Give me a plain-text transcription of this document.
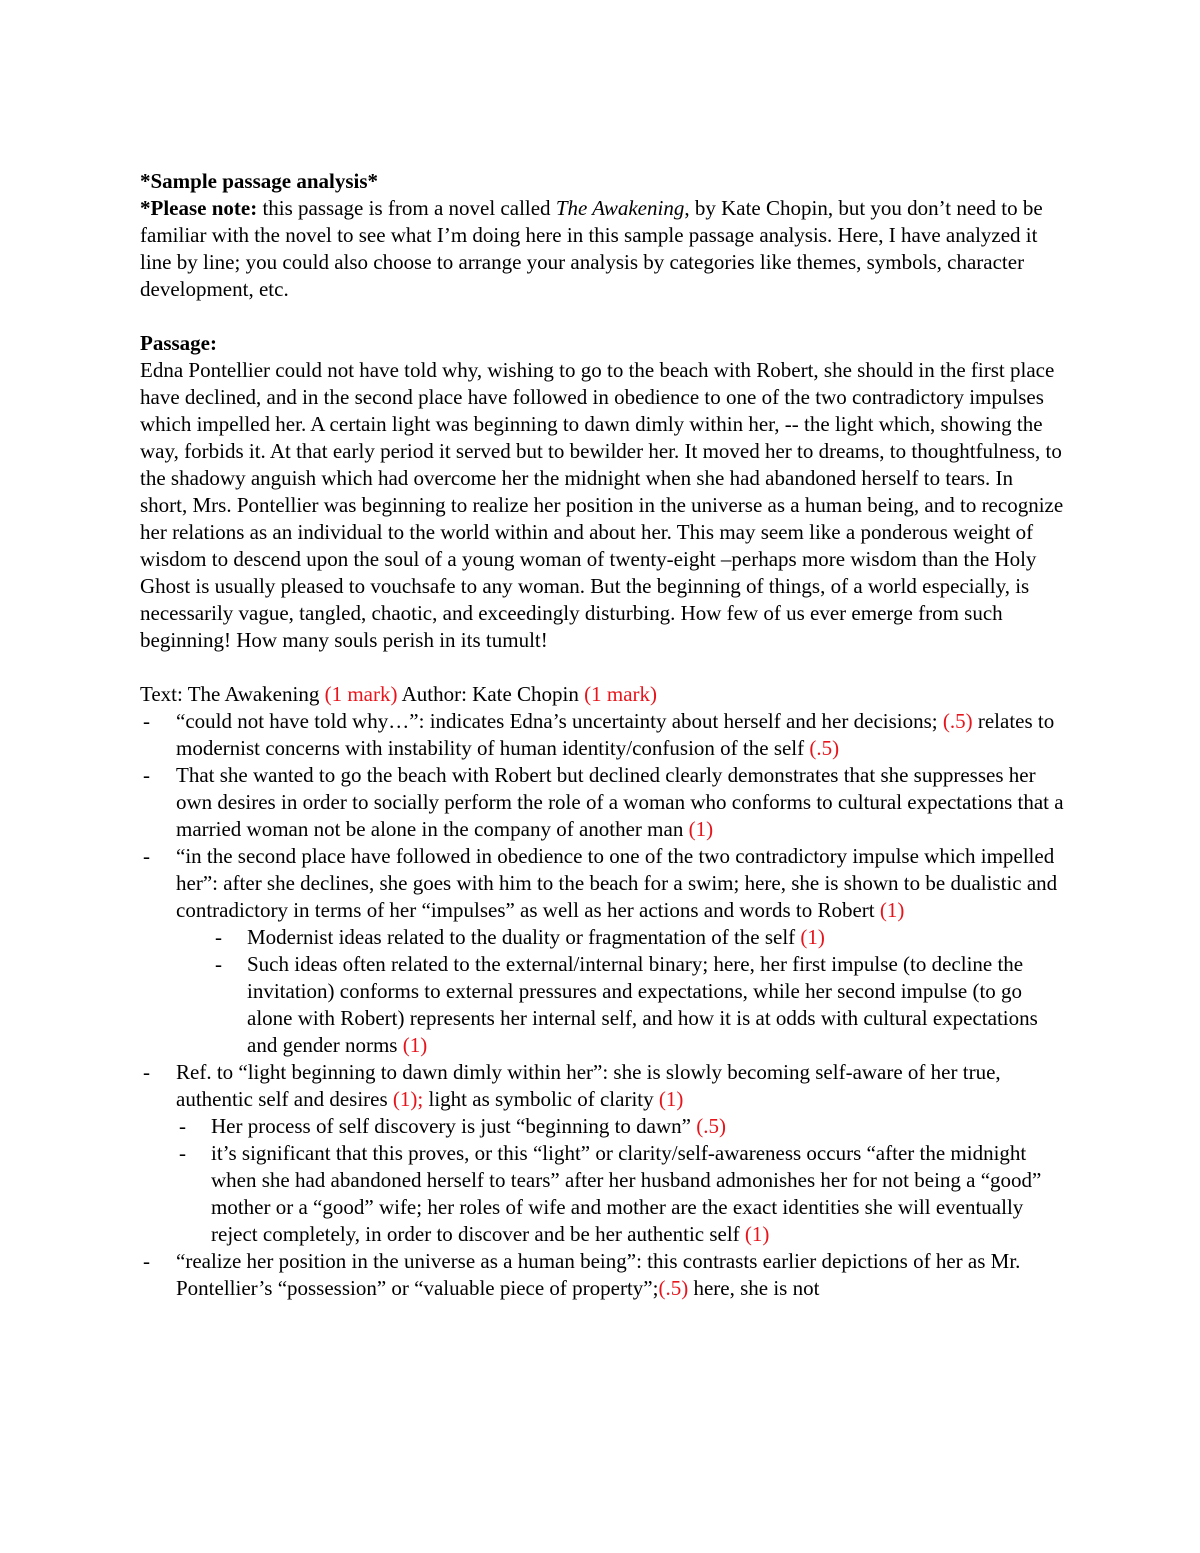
*Sample passage analysis*

*Please note: this passage is from a novel called The Awakening, by Kate Chopin, but you don’t need to be familiar with the novel to see what I’m doing here in this sample passage analysis. Here, I have analyzed it line by line; you could also choose to arrange your analysis by categories like themes, symbols, character development, etc.

Passage:

Edna Pontellier could not have told why, wishing to go to the beach with Robert, she should in the first place have declined, and in the second place have followed in obedience to one of the two contradictory impulses which impelled her. A certain light was beginning to dawn dimly within her, -- the light which, showing the way, forbids it. At that early period it served but to bewilder her. It moved her to dreams, to thoughtfulness, to the shadowy anguish which had overcome her the midnight when she had abandoned herself to tears. In short, Mrs. Pontellier was beginning to realize her position in the universe as a human being, and to recognize her relations as an individual to the world within and about her. This may seem like a ponderous weight of wisdom to descend upon the soul of a young woman of twenty-eight –perhaps more wisdom than the Holy Ghost is usually pleased to vouchsafe to any woman. But the beginning of things, of a world especially, is necessarily vague, tangled, chaotic, and exceedingly disturbing. How few of us ever emerge from such beginning! How many souls perish in its tumult!

Text: The Awakening (1 mark) Author: Kate Chopin (1 mark)

- “could not have told why…”: indicates Edna’s uncertainty about herself and her decisions; (.5) relates to modernist concerns with instability of human identity/confusion of the self (.5)
- That she wanted to go the beach with Robert but declined clearly demonstrates that she suppresses her own desires in order to socially perform the role of a woman who conforms to cultural expectations that a married woman not be alone in the company of another man (1)
- “in the second place have followed in obedience to one of the two contradictory impulse which impelled her”: after she declines, she goes with him to the beach for a swim; here, she is shown to be dualistic and contradictory in terms of her “impulses” as well as her actions and words to Robert (1)
- Modernist ideas related to the duality or fragmentation of the self (1)
- Such ideas often related to the external/internal binary; here, her first impulse (to decline the invitation) conforms to external pressures and expectations, while her second impulse (to go alone with Robert) represents her internal self, and how it is at odds with cultural expectations and gender norms (1)
- Ref. to “light beginning to dawn dimly within her”: she is slowly becoming self-aware of her true, authentic self and desires (1); light as symbolic of clarity (1)
- Her process of self discovery is just “beginning to dawn” (.5)
- it’s significant that this proves, or this “light” or clarity/self-awareness occurs “after the midnight when she had abandoned herself to tears” after her husband admonishes her for not being a “good” mother or a “good” wife; her roles of wife and mother are the exact identities she will eventually reject completely, in order to discover and be her authentic self (1)
- “realize her position in the universe as a human being”: this contrasts earlier depictions of her as Mr. Pontellier’s “possession” or “valuable piece of property”;(.5) here, she is not
